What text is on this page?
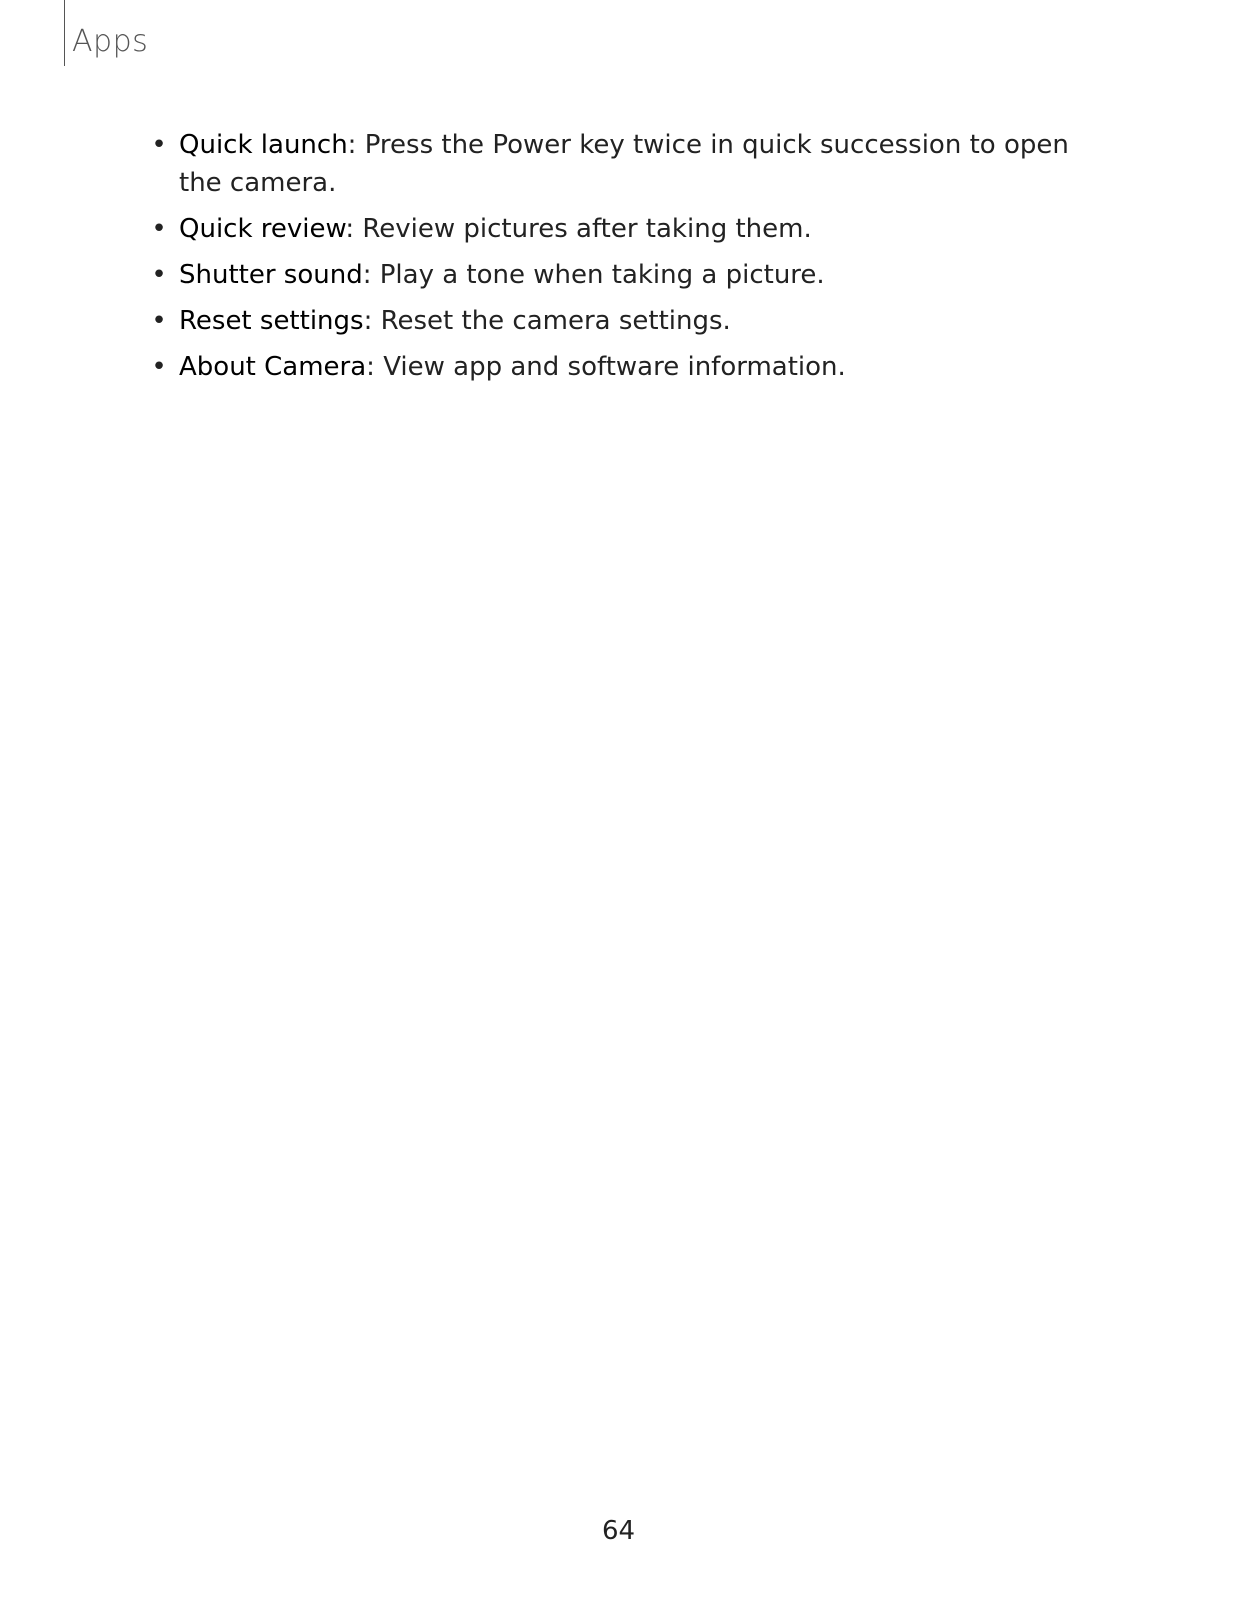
Apps
• Quick launch: Press the Power key twice in quick succession to open the camera.
• Quick review: Review pictures after taking them.
• Shutter sound: Play a tone when taking a picture.
• Reset settings: Reset the camera settings.
• About Camera: View app and software information.
64
